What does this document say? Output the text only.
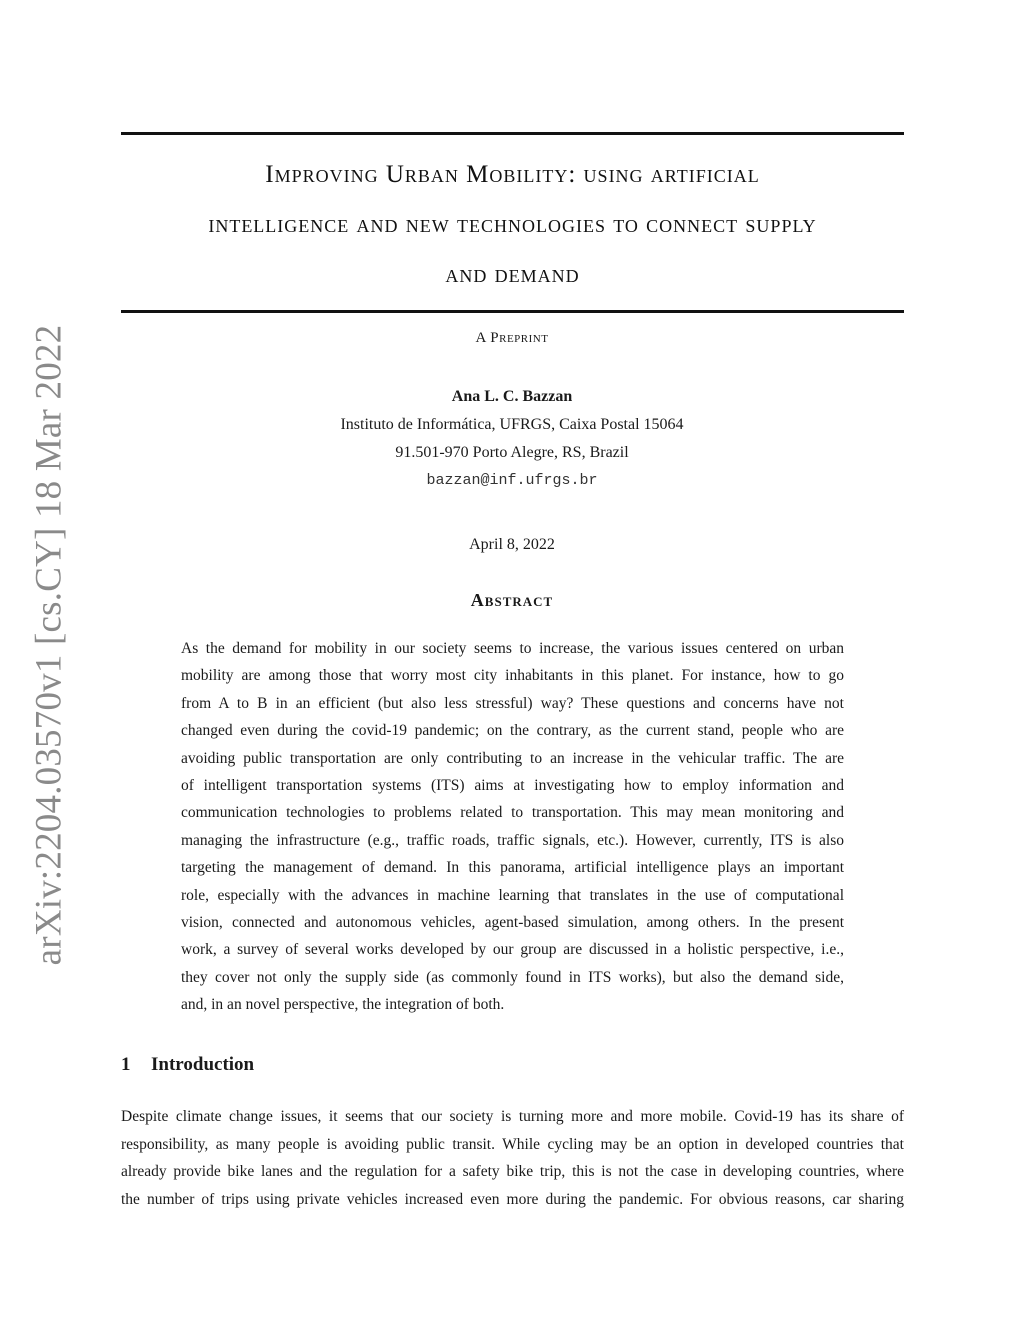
arXiv:2204.03570v1 [cs.CY] 18 Mar 2022
Improving Urban Mobility: using artificial
intelligence and new technologies to connect supply
and demand
A Preprint
Ana L. C. Bazzan
Instituto de Informática, UFRGS, Caixa Postal 15064
91.501-970 Porto Alegre, RS, Brazil
bazzan@inf.ufrgs.br
April 8, 2022
Abstract
As the demand for mobility in our society seems to increase, the various issues centered on urban
mobility are among those that worry most city inhabitants in this planet. For instance, how to go
from A to B in an efficient (but also less stressful) way? These questions and concerns have not
changed even during the covid-19 pandemic; on the contrary, as the current stand, people who are
avoiding public transportation are only contributing to an increase in the vehicular traffic. The are
of intelligent transportation systems (ITS) aims at investigating how to employ information and
communication technologies to problems related to transportation. This may mean monitoring and
managing the infrastructure (e.g., traffic roads, traffic signals, etc.). However, currently, ITS is also
targeting the management of demand. In this panorama, artificial intelligence plays an important
role, especially with the advances in machine learning that translates in the use of computational
vision, connected and autonomous vehicles, agent-based simulation, among others. In the present
work, a survey of several works developed by our group are discussed in a holistic perspective, i.e.,
they cover not only the supply side (as commonly found in ITS works), but also the demand side,
and, in an novel perspective, the integration of both.
1 Introduction
Despite climate change issues, it seems that our society is turning more and more mobile. Covid-19 has its share of
responsibility, as many people is avoiding public transit. While cycling may be an option in developed countries that
already provide bike lanes and the regulation for a safety bike trip, this is not the case in developing countries, where
the number of trips using private vehicles increased even more during the pandemic. For obvious reasons, car sharing
